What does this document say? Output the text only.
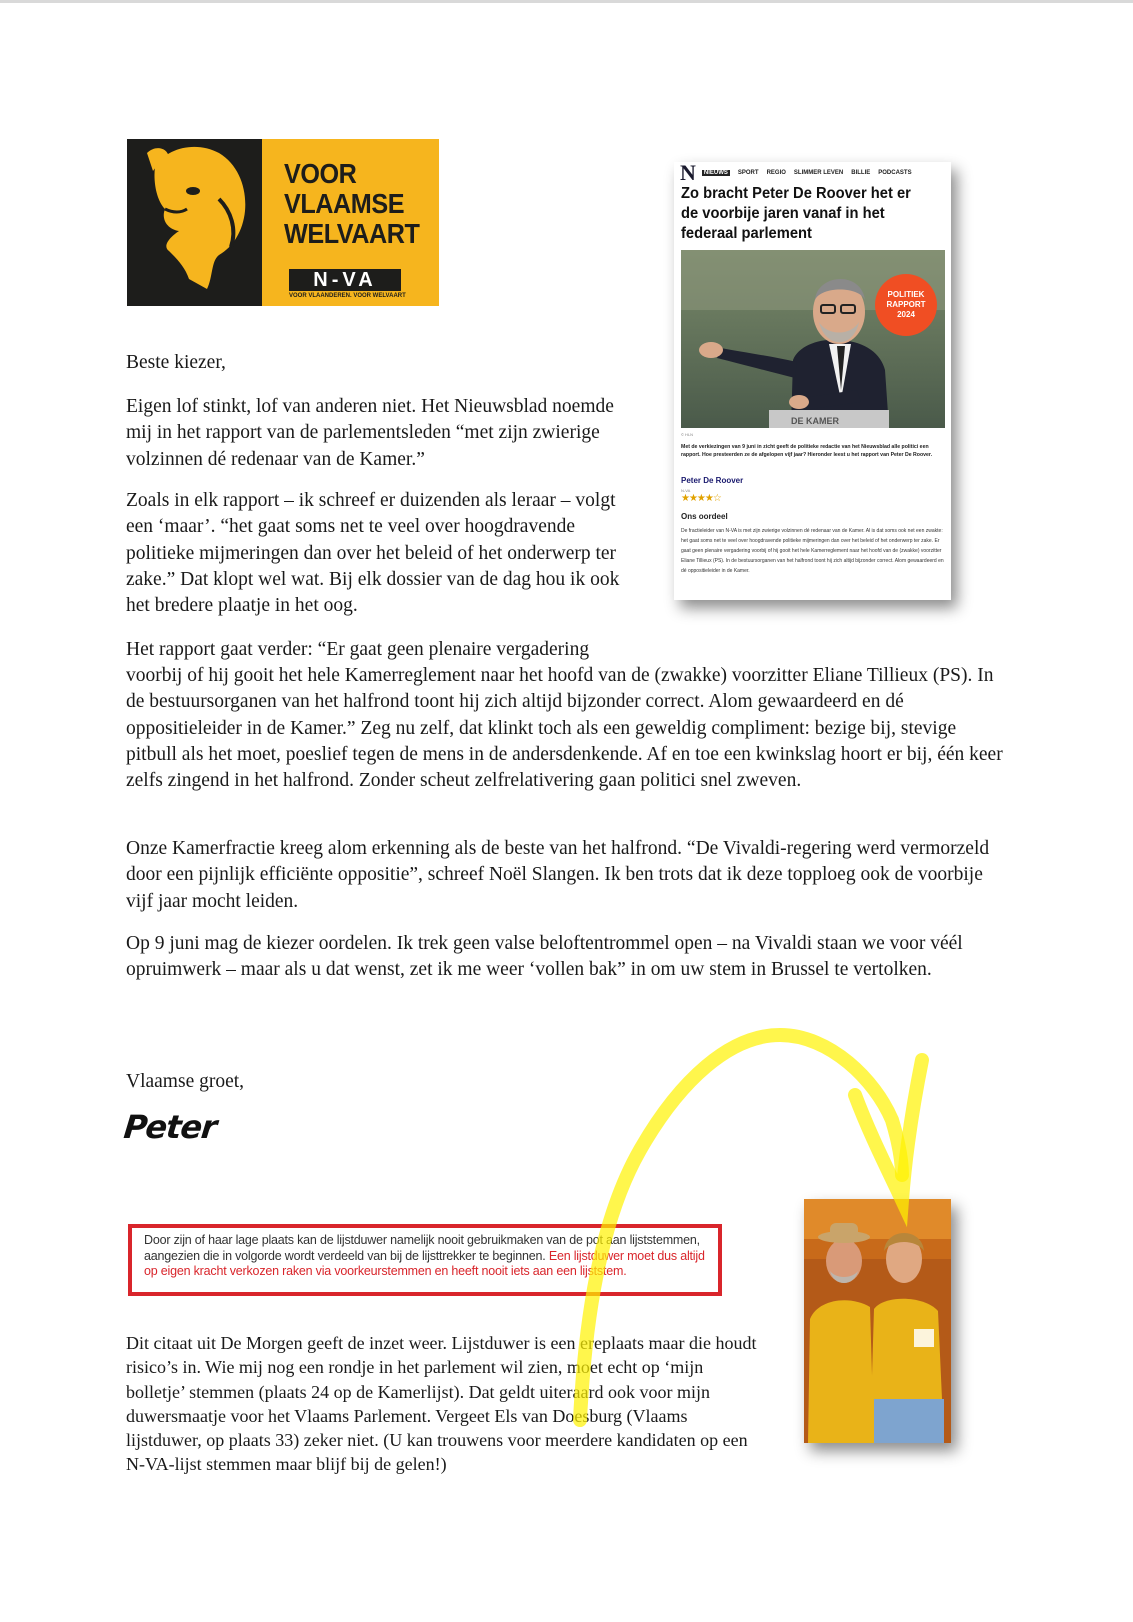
VOOR
VLAAMSE
WELVAART
N-VA
VOOR VLAANDEREN. VOOR WELVAART
N	NIEUWS	SPORT REGIO SLIMMER LEVEN BILLIE PODCASTS
Zo bracht Peter De Roover het er de voorbije jaren vanaf in het federaal parlement
DE KAMER
POLITIEK
RAPPORT
2024
© HLN
Met de verkiezingen van 9 juni in zicht geeft de politieke redactie van het Nieuwsblad alle politici een rapport. Hoe presteerden ze de afgelopen vijf jaar? Hieronder leest u het rapport van Peter De Roover.
Peter De Roover
N-VA
★★★★☆
Ons oordeel
De fractieleider van N-VA is met zijn zwierige volzinnen dé redenaar van de Kamer. Al is dat soms ook net een zwakte: het gaat soms net te veel over hoogdravende politieke mijmeringen dan over het beleid of het onderwerp ter zake. Er gaat geen plenaire vergadering voorbij of hij gooit het hele Kamerreglement naar het hoofd van de (zwakke) voorzitter Eliane Tillieux (PS). In de bestuursorganen van het halfrond toont hij zich altijd bijzonder correct. Alom gewaardeerd en dé oppositieleider in de Kamer.

Beste kiezer,

Eigen lof stinkt, lof van anderen niet. Het Nieuwsblad noemde mij in het rapport van de parlementsleden “met zijn zwierige volzinnen dé redenaar van de Kamer.”

Zoals in elk rapport – ik schreef er duizenden als leraar – volgt een ‘maar’. “het gaat soms net te veel over hoogdravende politieke mijmeringen dan over het beleid of het onderwerp ter zake.” Dat klopt wel wat. Bij elk dossier van de dag hou ik ook het bredere plaatje in het oog.

Het rapport gaat verder: “Er gaat geen plenaire vergadering

voorbij of hij gooit het hele Kamerreglement naar het hoofd van de (zwakke) voorzitter Eliane Tillieux (PS). In de bestuursorganen van het halfrond toont hij zich altijd bijzonder correct. Alom gewaardeerd en dé oppositieleider in de Kamer.” Zeg nu zelf, dat klinkt toch als een geweldig compliment: bezige bij, stevige pitbull als het moet, poeslief tegen de mens in de andersdenkende. Af en toe een kwinkslag hoort er bij, één keer zelfs zingend in het halfrond. Zonder scheut zelfrelativering gaan politici snel zweven.

Onze Kamerfractie kreeg alom erkenning als de beste van het halfrond. “De Vivaldi-regering werd vermorzeld door een pijnlijk efficiënte oppositie”, schreef Noël Slangen. Ik ben trots dat ik deze topploeg ook de voorbije vijf jaar mocht leiden.

Op 9 juni mag de kiezer oordelen. Ik trek geen valse beloftentrommel open – na Vivaldi staan we voor véél opruimwerk – maar als u dat wenst, zet ik me weer ‘vollen bak” in om uw stem in Brussel te vertolken.

Vlaamse groet,

Peter
Door zijn of haar lage plaats kan de lijstduwer namelijk nooit gebruikmaken van de pot aan lijststemmen, aangezien die in volgorde wordt verdeeld van bij de lijsttrekker te beginnen. Een lijstduwer moet dus altijd op eigen kracht verkozen raken via voorkeurstemmen en heeft nooit iets aan een lijststem.

Dit citaat uit De Morgen geeft de inzet weer. Lijstduwer is een ereplaats maar die houdt risico’s in. Wie mij nog een rondje in het parlement wil zien, moet echt op ‘mijn bolletje’ stemmen (plaats 24 op de Kamerlijst). Dat geldt uiteraard ook voor mijn duwersmaatje voor het Vlaams Parlement. Vergeet Els van Doesburg (Vlaams lijstduwer, op plaats 33) zeker niet. (U kan trouwens voor meerdere kandidaten op een N-VA-lijst stemmen maar blijf bij de gelen!)
